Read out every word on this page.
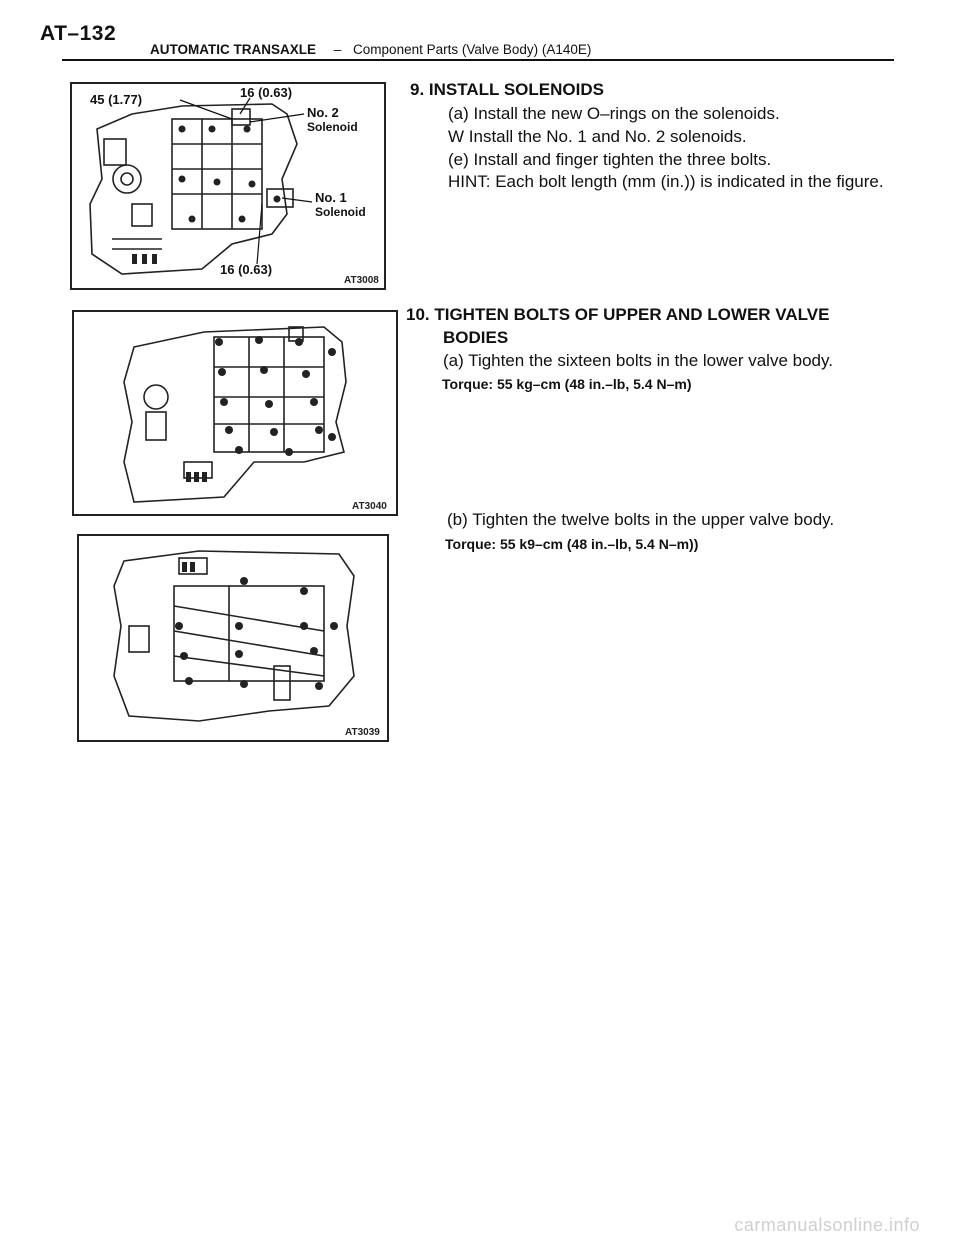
AT–132
AUTOMATIC TRANSAXLE – Component Parts (Valve Body) (A140E)
45 (1.77)	16 (0.63)
No. 2
Solenoid
No. 1
Solenoid
16 (0.63)
AT3008
9. INSTALL SOLENOIDS
(a) Install the new O–rings on the solenoids.
W Install the No. 1 and No. 2 solenoids.
(e) Install and finger tighten the three bolts.
HINT: Each bolt length (mm (in.)) is indicated in the figure.
AT3040
10. TIGHTEN BOLTS OF UPPER AND LOWER VALVE
BODIES
(a) Tighten the sixteen bolts in the lower valve body.
Torque: 55 kg–cm (48 in.–lb, 5.4 N–m)
AT3039
(b) Tighten the twelve bolts in the upper valve body.
Torque: 55 k9–cm (48 in.–lb, 5.4 N–m))
carmanualsonline.info
